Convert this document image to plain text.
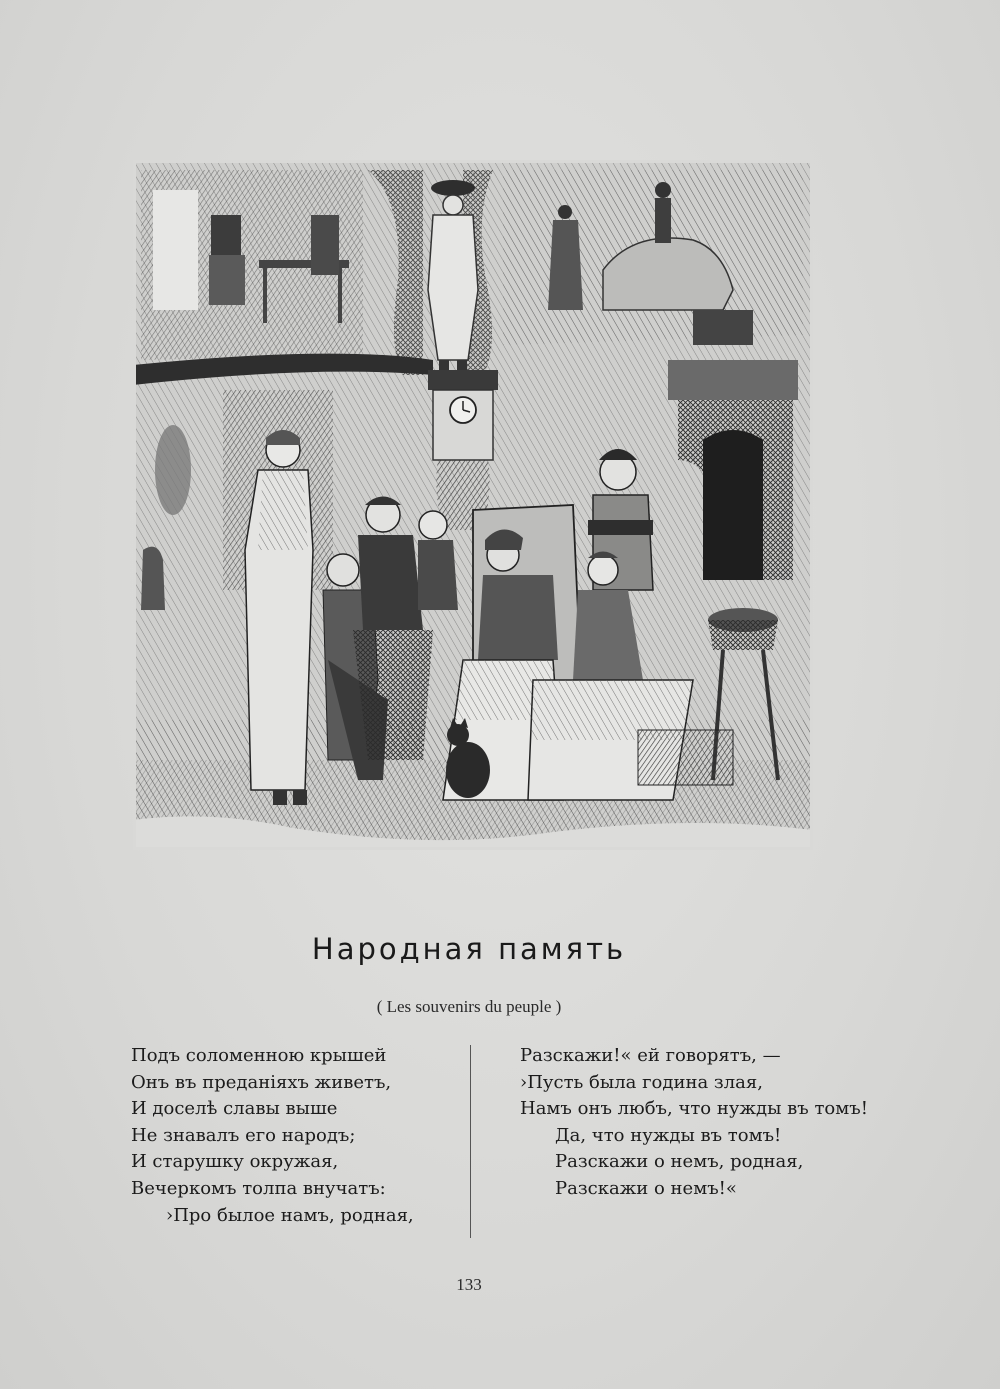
Народная память
( Les souvenirs du peuple )
Подъ соломенною крышей
Онъ въ преданіяхъ живетъ,
И доселѣ славы выше
Не знавалъ его народъ;
И старушку окружая,
Вечеркомъ толпа внучатъ:
›Про былое намъ, родная,
Разскажи!« ей говорятъ, —
›Пусть была година злая,
Намъ онъ любъ, что нужды въ томъ!
Да, что нужды въ томъ!
Разскажи о немъ, родная,
Разскажи о немъ!«
133
